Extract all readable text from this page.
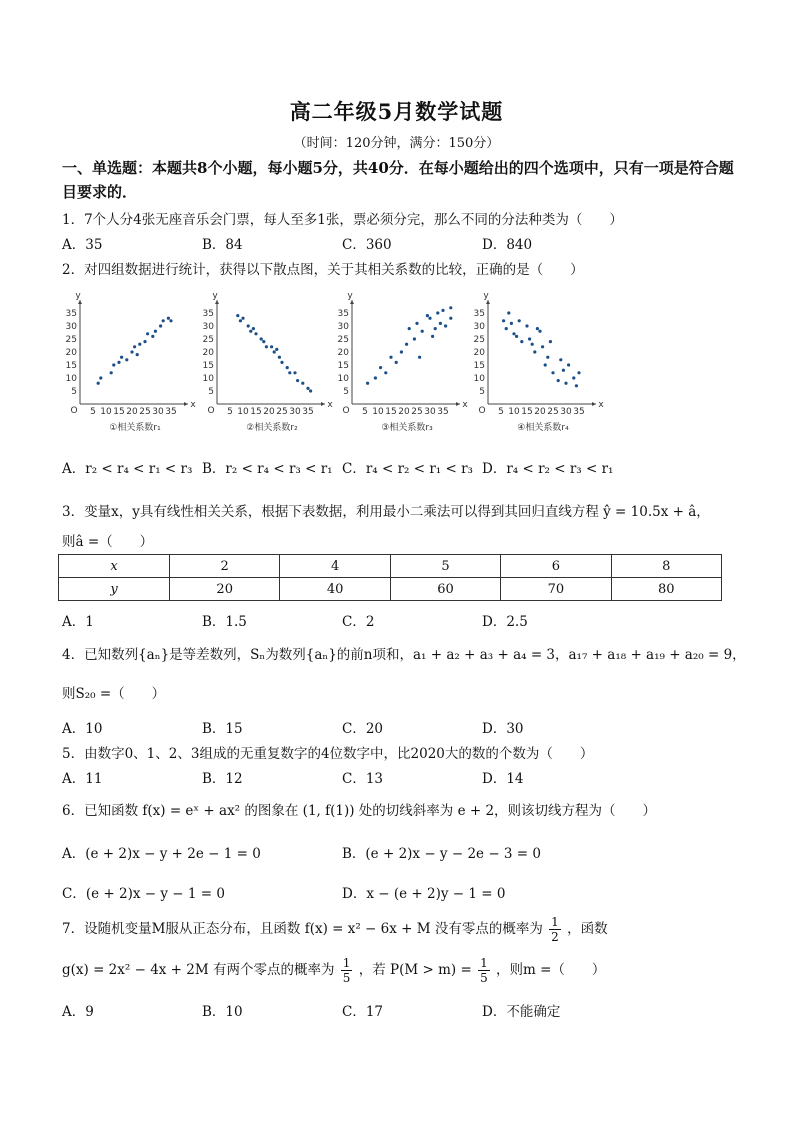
高二年级5月数学试题
（时间：120分钟，满分：150分）
一、单选题：本题共8个小题，每小题5分，共40分．在每小题给出的四个选项中，只有一项是符合题目要求的．
1．7个人分4张无座音乐会门票，每人至多1张，票必须分完，那么不同的分法种类为（　　）
A．35	B．84	C．360	D．840
2．对四组数据进行统计，获得以下散点图，关于其相关系数的比较，正确的是（　　）
O
x
y
5 10 15 20 25 30 35
5
10
15
20
25
30
35
①相关系数r₁
O
x
y
5 10 15 20 25 30 35
5
10
15
20
25
30
35
②相关系数r₂
O
x
y
5 10 15 20 25 30 35
5
10
15
20
25
30
35
③相关系数r₃
O
x
y
5 10 15 20 25 30 35
5
10
15
20
25
30
35
④相关系数r₄
A．r₂ < r₄ < r₁ < r₃ B．r₂ < r₄ < r₃ < r₁ C．r₄ < r₂ < r₁ < r₃ D．r₄ < r₂ < r₃ < r₁
3．变量x，y具有线性相关关系，根据下表数据，利用最小二乘法可以得到其回归直线方程 ŷ = 10.5x + â，
则â =（　　）
x	2	4	5	6	8
y	20	40	60	70	80
A．1	B．1.5	C．2	D．2.5
4．已知数列{aₙ}是等差数列，Sₙ为数列{aₙ}的前n项和，a₁ + a₂ + a₃ + a₄ = 3，a₁₇ + a₁₈ + a₁₉ + a₂₀ = 9，
则S₂₀ =（　　）
A．10	B．15	C．20	D．30
5．由数字0、1、2、3组成的无重复数字的4位数字中，比2020大的数的个数为（　　）
A．11	B．12	C．13	D．14
6．已知函数 f(x) = eˣ + ax² 的图象在 (1, f(1)) 处的切线斜率为 e + 2，则该切线方程为（　　）
A．(e + 2)x − y + 2e − 1 = 0	B．(e + 2)x − y − 2e − 3 = 0
C．(e + 2)x − y − 1 = 0	D．x − (e + 2)y − 1 = 0
7．设随机变量M服从正态分布，且函数 f(x) = x² − 6x + M 没有零点的概率为 $\frac{1}{2}$ ，函数
g(x) = 2x² − 4x + 2M 有两个零点的概率为 $\frac{1}{5}$ ，若 $P(M > m) = \frac{1}{5}$ ，则m =（　　）
A．9	B．10	C．17	D．不能确定
